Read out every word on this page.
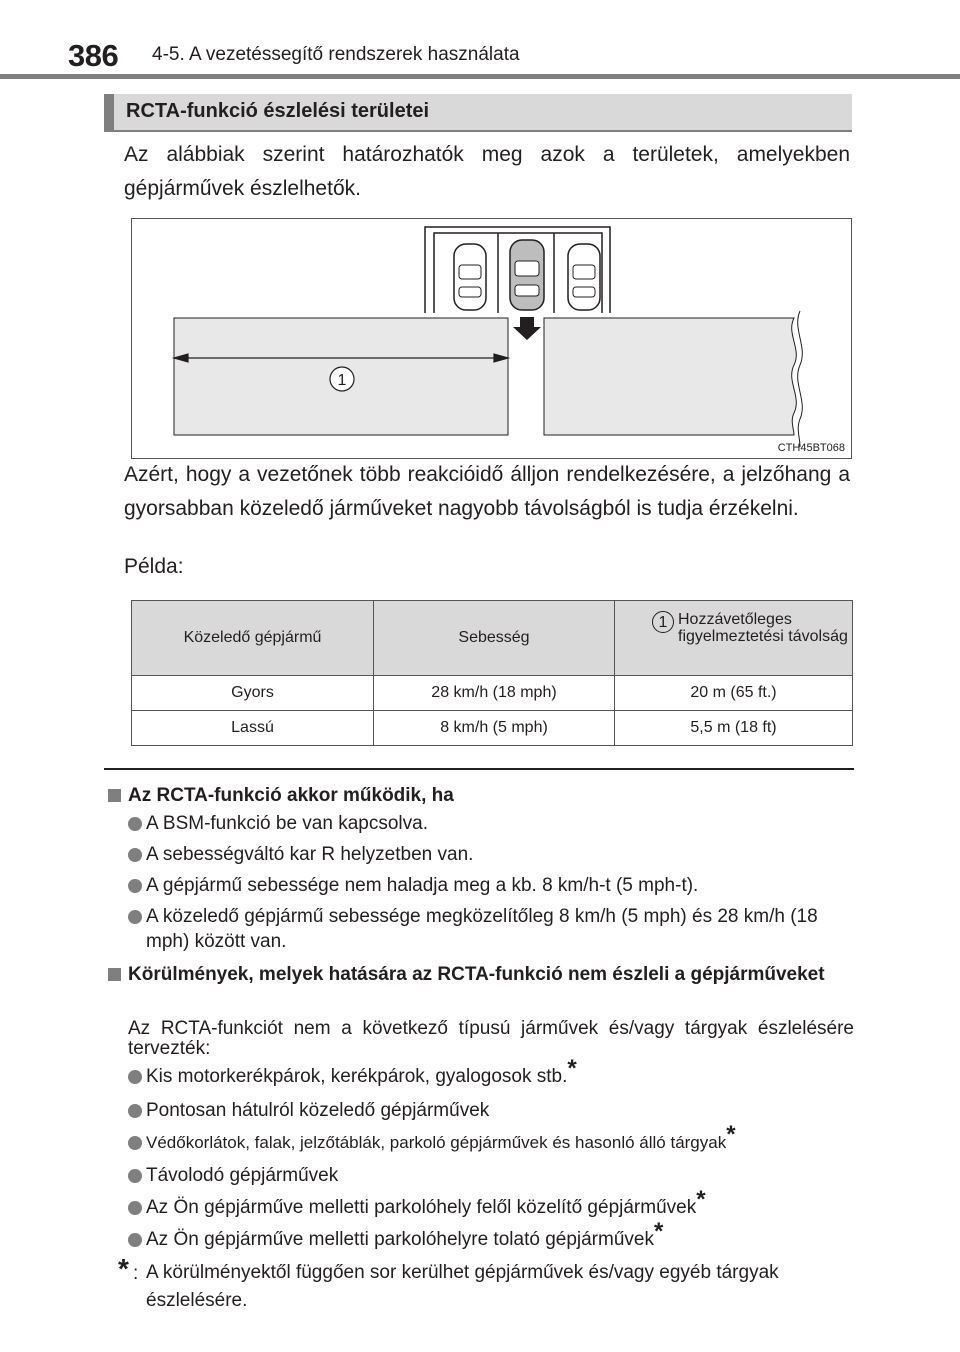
386 4-5. A vezetéssegítő rendszerek használata
RCTA-funkció észlelési területei
Az alábbiak szerint határozhatók meg azok a területek, amelyekben gépjárművek észlelhetők.
1
CTH45BT068
Azért, hogy a vezetőnek több reakcióidő álljon rendelkezésére, a jelzőhang a gyorsabban közeledő járműveket nagyobb távolságból is tudja érzékelni.
Példa:
Közeledő gépjármű	Sebesség	1 Hozzávetőleges figyelmeztetési távolság

Gyors	28 km/h (18 mph)	20 m (65 ft.)
Lassú	8 km/h (5 mph)	5,5 m (18 ft)
Az RCTA-funkció akkor működik, ha
A BSM-funkció be van kapcsolva.
A sebességváltó kar R helyzetben van.
A gépjármű sebessége nem haladja meg a kb. 8 km/h-t (5 mph-t).
A közeledő gépjármű sebessége megközelítőleg 8 km/h (5 mph) és 28 km/h (18 mph) között van.
Körülmények, melyek hatására az RCTA-funkció nem észleli a gépjárműveket
Az RCTA-funkciót nem a következő típusú járművek és/vagy tárgyak észlelésére tervezték:
Kis motorkerékpárok, kerékpárok, gyalogosok stb.*
Pontosan hátulról közeledő gépjárművek
Védőkorlátok, falak, jelzőtáblák, parkoló gépjárművek és hasonló álló tárgyak*
Távolodó gépjárművek
Az Ön gépjárműve melletti parkolóhely felől közelítő gépjárművek*
Az Ön gépjárműve melletti parkolóhelyre tolató gépjárművek*
* : A körülményektől függően sor kerülhet gépjárművek és/vagy egyéb tárgyak észlelésére.
